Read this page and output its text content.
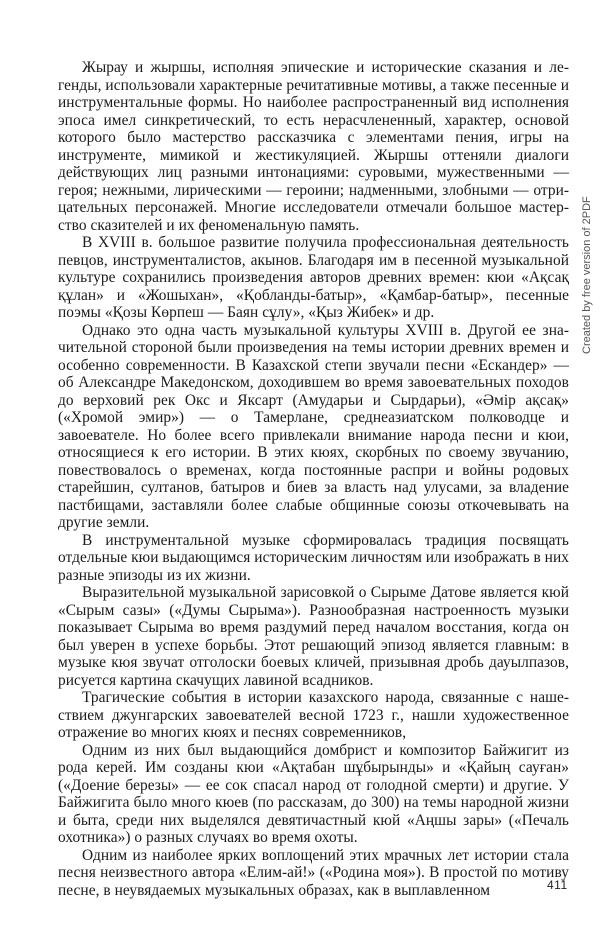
Жырау и жыршы, исполняя эпические и исторические сказания и легенды, использовали характерные речитативные мотивы, а также песенные и инструментальные формы. Но наиболее распространенный вид исполнения эпоса имел синкретический, то есть нерасчлененный, характер, основой которого было мастерство рассказчика с элементами пения, игры на инструменте, мимикой и жестикуляцией. Жыршы оттеняли диалоги действующих лиц разными интонациями: суровыми, мужественными — героя; нежными, лирическими — героини; надменными, злобными — отрицательных персонажей. Многие исследователи отмечали большое мастерство сказителей и их феноменальную память.

В XVIII в. большое развитие получила профессиональная деятельность певцов, инструменталистов, акынов. Благодаря им в песенной музыкальной культуре сохранились произведения авторов древних времен: кюи «Ақсақ құлан» и «Жошыхан», «Қобланды-батыр», «Қамбар-батыр», песенные поэмы «Қозы Көрпеш — Баян сұлу», «Қыз Жибек» и др.

Однако это одна часть музыкальной культуры XVIII в. Другой ее значительной стороной были произведения на темы истории древних времен и особенно современности. В Казахской степи звучали песни «Ескандер» — об Александре Македонском, доходившем во время завоевательных походов до верховий рек Окс и Яксарт (Амударьи и Сырдарьи), «Әмір ақсақ» («Хромой эмир») — о Тамерлане, среднеазиатском полководце и завоевателе. Но более всего привлекали внимание народа песни и кюи, относящиеся к его истории. В этих кюях, скорбных по своему звучанию, повествовалось о временах, когда постоянные распри и войны родовых старейшин, султанов, батыров и биев за власть над улусами, за владение пастбищами, заставляли более слабые общинные союзы откочевывать на другие земли.

В инструментальной музыке сформировалась традиция посвящать отдельные кюи выдающимся историческим личностям или изображать в них разные эпизоды из их жизни.

Выразительной музыкальной зарисовкой о Сырыме Датове является кюй «Сырым сазы» («Думы Сырыма»). Разнообразная настроенность музыки показывает Сырыма во время раздумий перед началом восстания, когда он был уверен в успехе борьбы. Этот решающий эпизод является главным: в музыке кюя звучат отголоски боевых кличей, призывная дробь дауылпазов, рисуется картина скачущих лавиной всадников.

Трагические события в истории казахского народа, связанные с нашествием джунгарских завоевателей весной 1723 г., нашли художественное отражение во многих кюях и песнях современников,

Одним из них был выдающийся домбрист и композитор Байжигит из рода керей. Им созданы кюи «Ақтабан шұбырынды» и «Қайың сауған» («Доение березы» — ее сок спасал народ от голодной смерти) и другие. У Байжигита было много кюев (по рассказам, до 300) на темы народной жизни и быта, среди них выделялся девятичастный кюй «Аңшы зары» («Печаль охотника») о разных случаях во время охоты.

Одним из наиболее ярких воплощений этих мрачных лет истории стала песня неизвестного автора «Елим-ай!» («Родина моя»). В простой по мотиву песне, в неувядаемых музыкальных образах, как в выплавленном	411
Created by free version of 2PDF
